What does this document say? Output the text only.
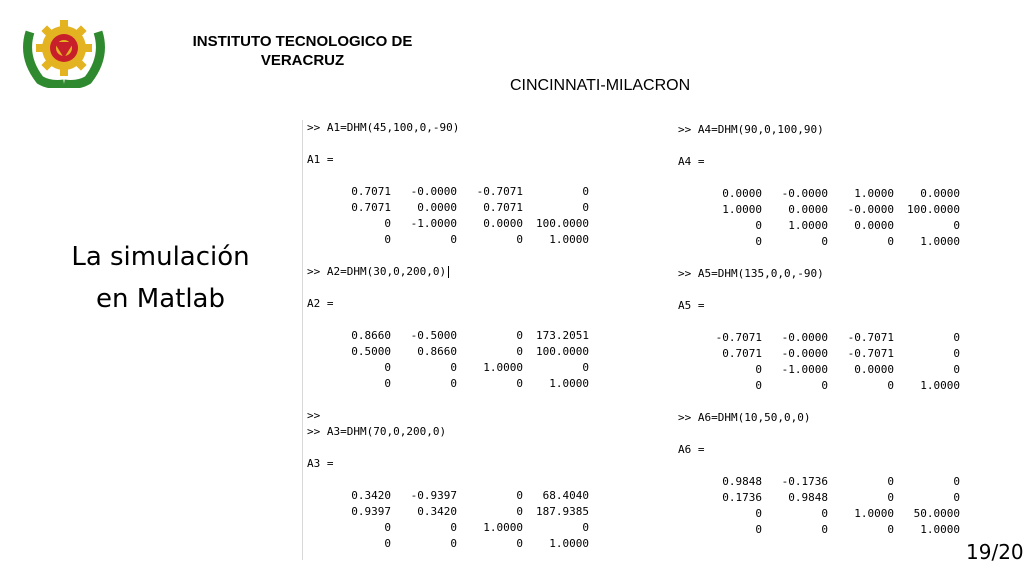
INSTITUTO TECNOLOGICO DE VERACRUZ
CINCINNATI-MILACRON
La simulación
en Matlab
>> A1=DHM(45,100,0,-90)
A1 =
0.7071	-0.0000	-0.7071	0
0.7071	0.0000	0.7071	0
0	-1.0000	0.0000	100.0000
0	0	0	1.0000
>> A2=DHM(30,0,200,0)
A2 =
0.8660	-0.5000	0	173.2051
0.5000	0.8660	0	100.0000
0	0	1.0000	0
0	0	0	1.0000
>>
>> A3=DHM(70,0,200,0)
A3 =
0.3420	-0.9397	0	68.4040
0.9397	0.3420	0	187.9385
0	0	1.0000	0
0	0	0	1.0000
>> A4=DHM(90,0,100,90)
A4 =
0.0000	-0.0000	1.0000	0.0000
1.0000	0.0000	-0.0000	100.0000
0	1.0000	0.0000	0
0	0	0	1.0000
>> A5=DHM(135,0,0,-90)
A5 =
-0.7071	-0.0000	-0.7071	0
0.7071	-0.0000	-0.7071	0
0	-1.0000	0.0000	0
0	0	0	1.0000
>> A6=DHM(10,50,0,0)
A6 =
0.9848	-0.1736	0	0
0.1736	0.9848	0	0
0	0	1.0000	50.0000
0	0	0	1.0000
19/20
